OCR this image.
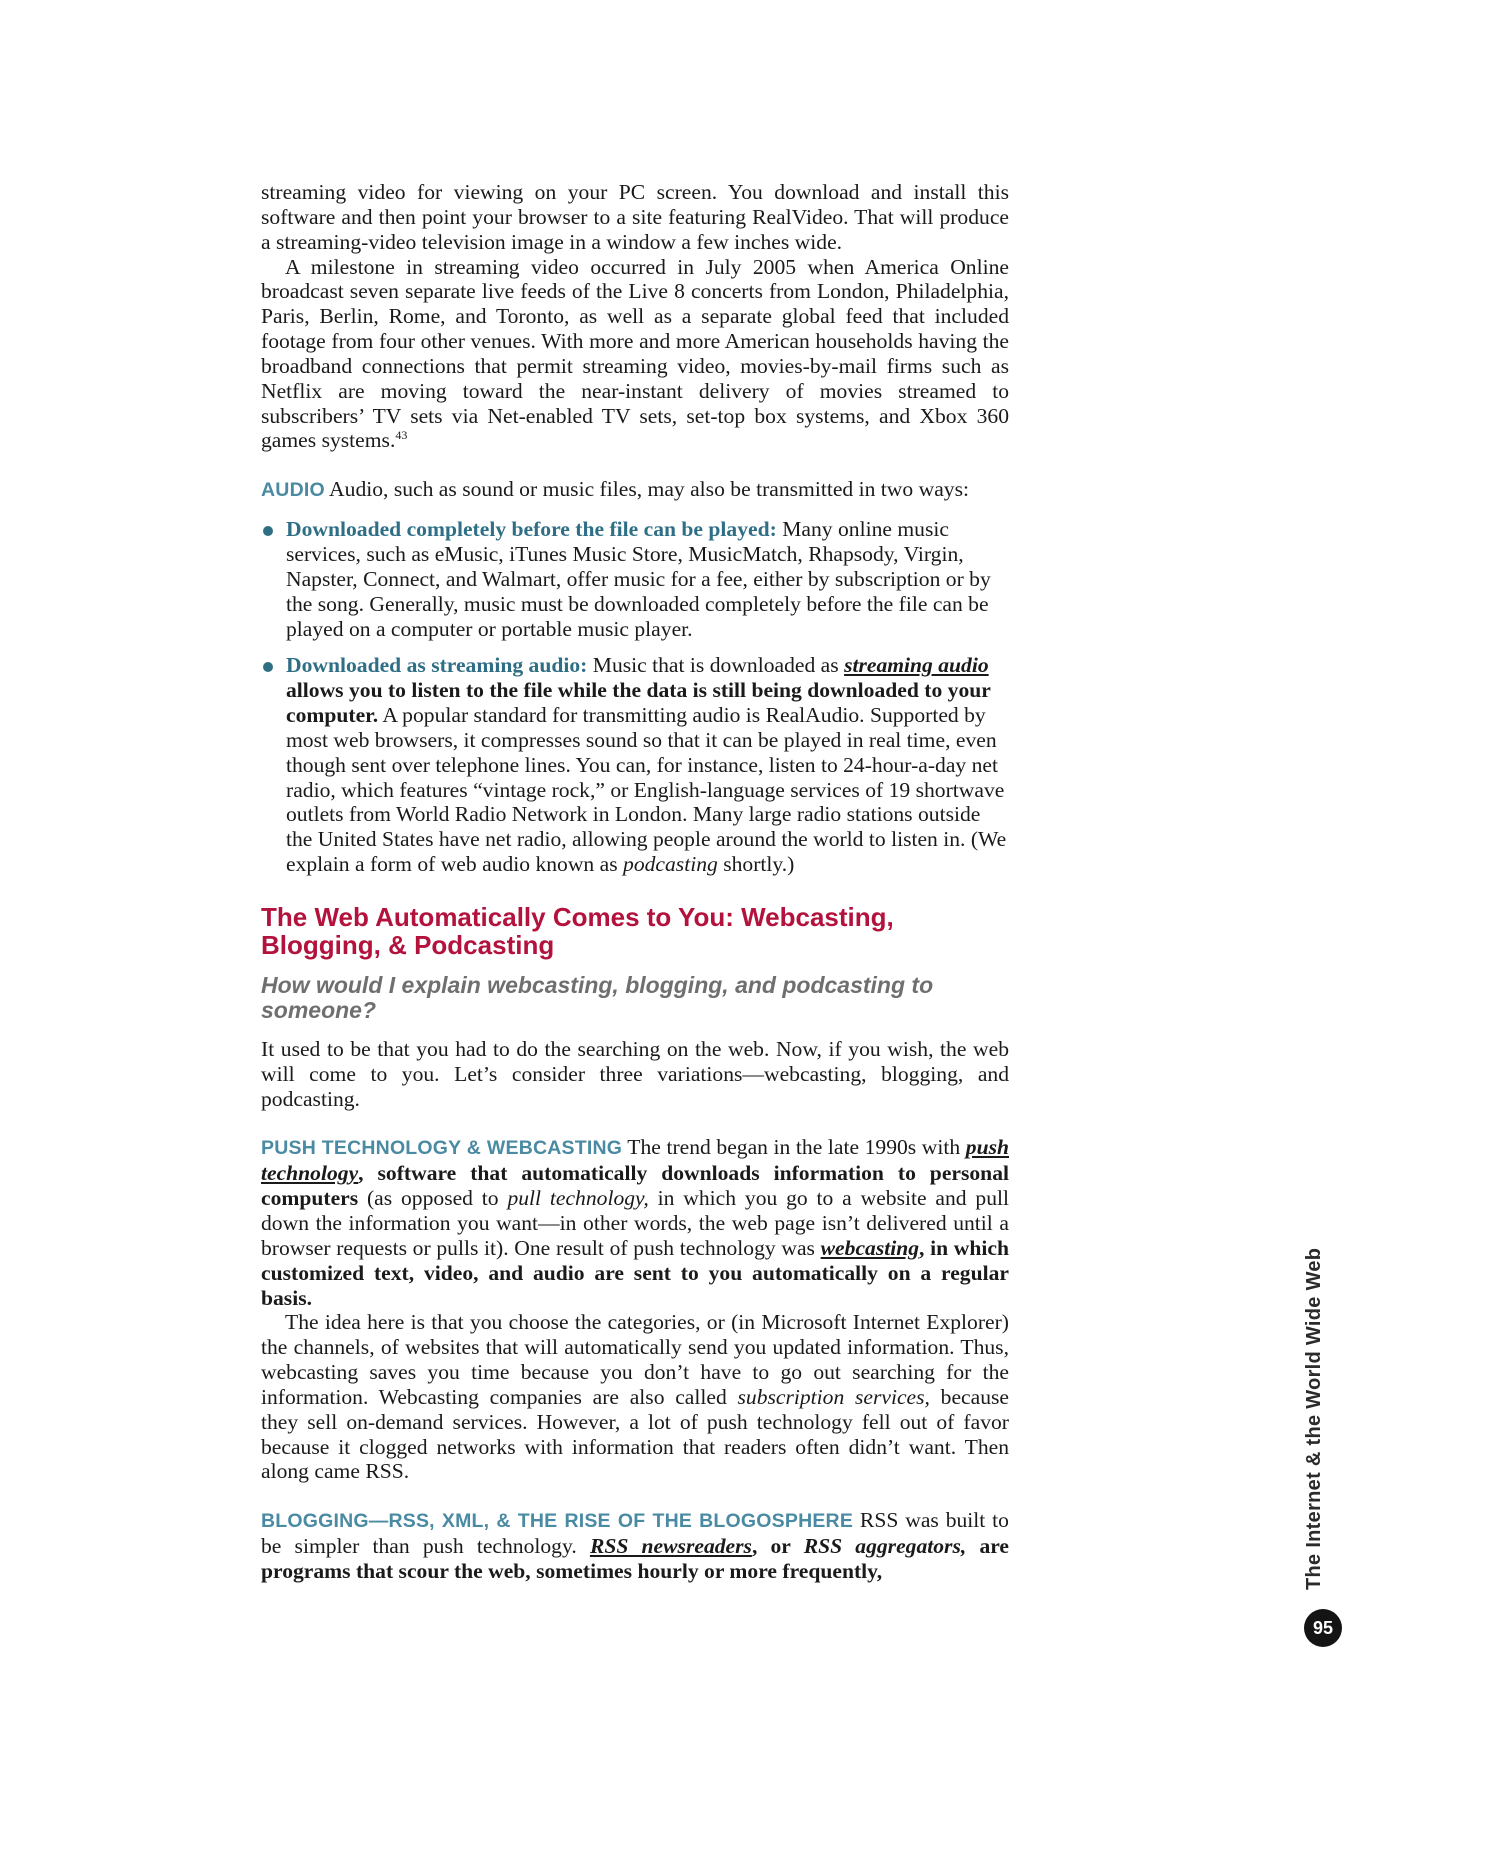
streaming video for viewing on your PC screen. You download and install this software and then point your browser to a site featuring RealVideo. That will produce a streaming-video television image in a window a few inches wide.

A milestone in streaming video occurred in July 2005 when America Online broadcast seven separate live feeds of the Live 8 concerts from London, Philadelphia, Paris, Berlin, Rome, and Toronto, as well as a separate global feed that included footage from four other venues. With more and more American households having the broadband connections that permit streaming video, movies-by-mail firms such as Netflix are moving toward the near-instant delivery of movies streamed to subscribers’ TV sets via Net-enabled TV sets, set-top box systems, and Xbox 360 games systems.$^{43}$

AUDIO Audio, such as sound or music files, may also be transmitted in two ways:

Downloaded completely before the file can be played: Many online music services, such as eMusic, iTunes Music Store, MusicMatch, Rhapsody, Virgin, Napster, Connect, and Walmart, offer music for a fee, either by subscription or by the song. Generally, music must be downloaded completely before the file can be played on a computer or portable music player.
Downloaded as streaming audio: Music that is downloaded as streaming audio allows you to listen to the file while the data is still being downloaded to your computer. A popular standard for transmitting audio is RealAudio. Supported by most web browsers, it compresses sound so that it can be played in real time, even though sent over telephone lines. You can, for instance, listen to 24-hour-a-day net radio, which features “vintage rock,” or English-language services of 19 shortwave outlets from World Radio Network in London. Many large radio stations outside the United States have net radio, allowing people around the world to listen in. (We explain a form of web audio known as podcasting shortly.)
The Web Automatically Comes to You: Webcasting, Blogging, & Podcasting
How would I explain webcasting, blogging, and podcasting to someone?

It used to be that you had to do the searching on the web. Now, if you wish, the web will come to you. Let’s consider three variations—webcasting, blogging, and podcasting.

PUSH TECHNOLOGY & WEBCASTING The trend began in the late 1990s with push technology, software that automatically downloads information to personal computers (as opposed to pull technology, in which you go to a website and pull down the information you want—in other words, the web page isn’t delivered until a browser requests or pulls it). One result of push technology was webcasting, in which customized text, video, and audio are sent to you automatically on a regular basis.

The idea here is that you choose the categories, or (in Microsoft Internet Explorer) the channels, of websites that will automatically send you updated information. Thus, webcasting saves you time because you don’t have to go out searching for the information. Webcasting companies are also called subscription services, because they sell on-demand services. However, a lot of push technology fell out of favor because it clogged networks with information that readers often didn’t want. Then along came RSS.

BLOGGING—RSS, XML, & THE RISE OF THE BLOGOSPHERE RSS was built to be simpler than push technology. RSS newsreaders, or RSS aggregators, are programs that scour the web, sometimes hourly or more frequently,	The Internet & the World Wide Web
95
